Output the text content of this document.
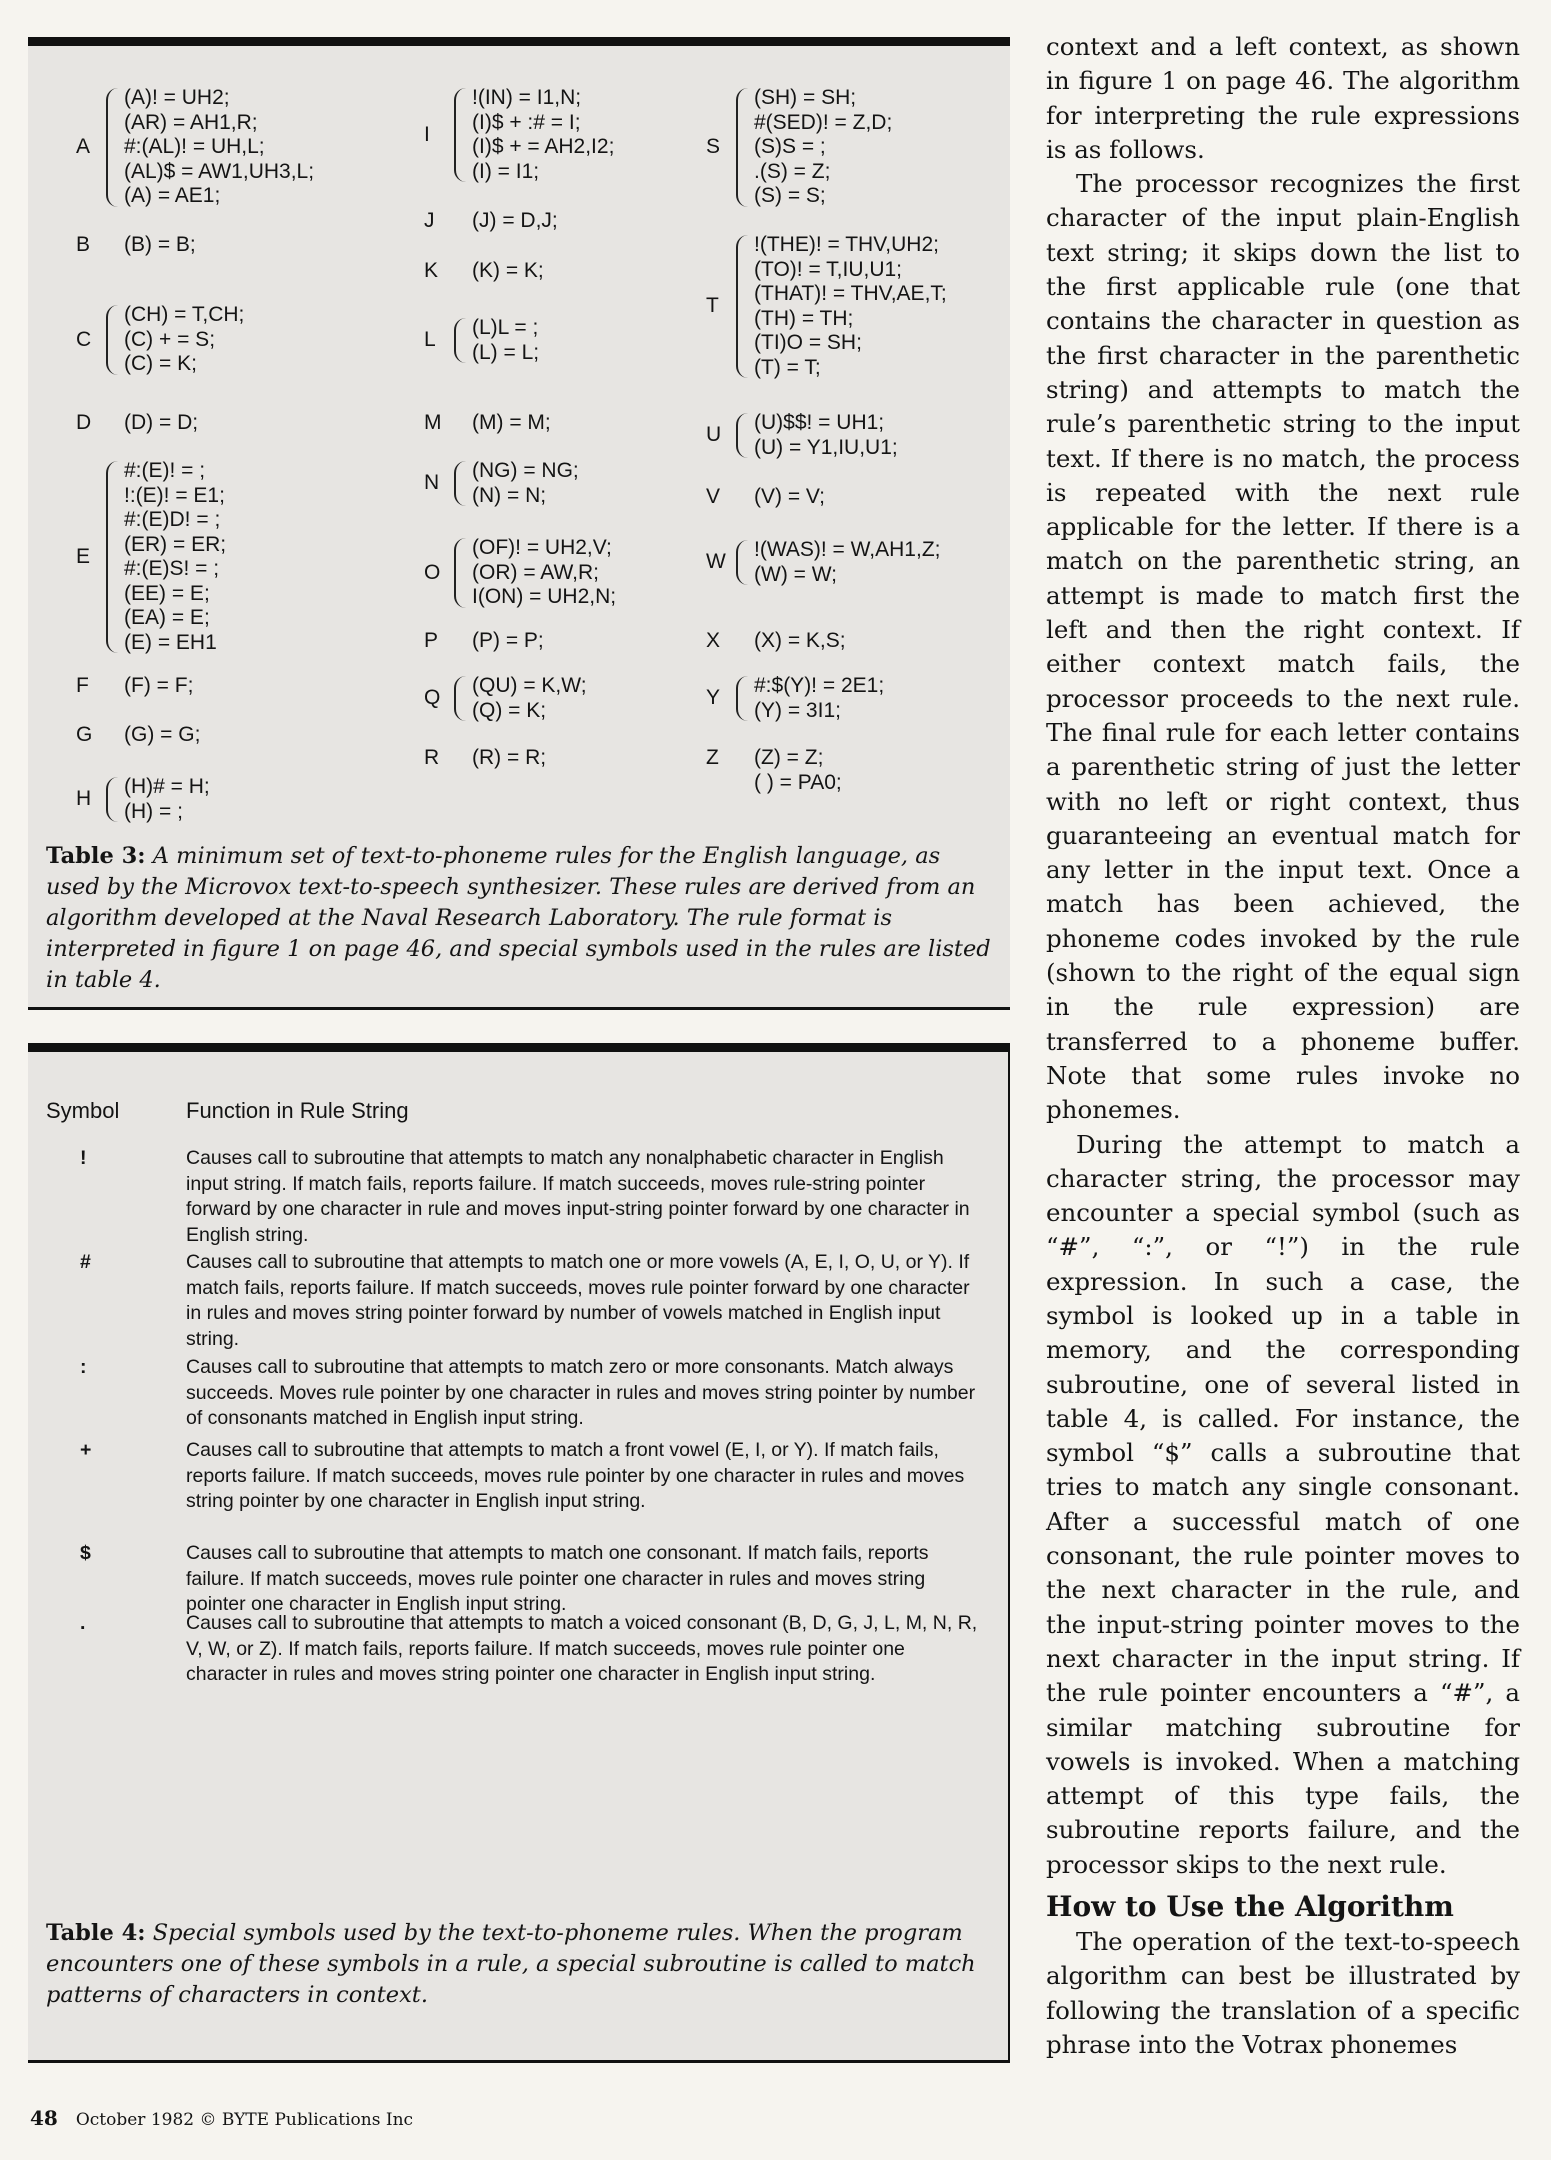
A
(A)! = UH2;
(AR) = AH1,R;
#:(AL)! = UH,L;
(AL)$ = AW1,UH3,L;
(A) = AE1;
B	(B) = B;
C
(CH) = T,CH;
(C) + = S;
(C) = K;
D	(D) = D;
E
#:(E)! = ;
!:(E)! = E1;
#:(E)D! = ;
(ER) = ER;
#:(E)S! = ;
(EE) = E;
(EA) = E;
(E) = EH1
F	(F) = F;
G (G) = G;
H
(H)# = H;
(H) = ;
I
!(IN) = I1,N;
(I)$ + :# = I;
(I)$ + = AH2,I2;
(I) = I1;
J	(J) = D,J;
K	(K) = K;
L
(L)L = ;
(L) = L;
M (M) = M;
N
(NG) = NG;
(N) = N;
O
(OF)! = UH2,V;
(OR) = AW,R;
I(ON) = UH2,N;
P	(P) = P;
Q
(QU) = K,W;
(Q) = K;
R	(R) = R;
S
(SH) = SH;
#(SED)! = Z,D;
(S)S = ;
.(S) = Z;
(S) = S;
T
!(THE)! = THV,UH2;
(TO)! = T,IU,U1;
(THAT)! = THV,AE,T;
(TH) = TH;
(TI)O = SH;
(T) = T;
U
(U)$$! = UH1;
(U) = Y1,IU,U1;
V	(V) = V;
W
!(WAS)! = W,AH1,Z;
(W) = W;
X	(X) = K,S;
Y
#:$(Y)! = 2E1;
(Y) = 3I1;
Z	(Z) = Z;
( ) = PA0;
Table 3: A minimum set of text-to-phoneme rules for the English language, as used by the Microvox text-to-speech synthesizer. These rules are derived from an algorithm developed at the Naval Research Laboratory. The rule format is interpreted in figure 1 on page 46, and special symbols used in the rules are listed in table 4.
Symbol	Function in Rule String
!	Causes call to subroutine that attempts to match any nonalphabetic character in English input string. If match fails, reports failure. If match succeeds, moves rule-string pointer forward by one character in rule and moves input-string pointer forward by one character in English string.
#	Causes call to subroutine that attempts to match one or more vowels (A, E, I, O, U, or Y). If match fails, reports failure. If match succeeds, moves rule pointer forward by one character in rules and moves string pointer forward by number of vowels matched in English input string.
:	Causes call to subroutine that attempts to match zero or more consonants. Match always succeeds. Moves rule pointer by one character in rules and moves string pointer by number of consonants matched in English input string.
+	Causes call to subroutine that attempts to match a front vowel (E, I, or Y). If match fails, reports failure. If match succeeds, moves rule pointer by one character in rules and moves string pointer by one character in English input string.
$	Causes call to subroutine that attempts to match one consonant. If match fails, reports failure. If match succeeds, moves rule pointer one character in rules and moves string pointer one character in English input string.
.	Causes call to subroutine that attempts to match a voiced consonant (B, D, G, J, L, M, N, R, V, W, or Z). If match fails, reports failure. If match succeeds, moves rule pointer one character in rules and moves string pointer one character in English input string.
Table 4: Special symbols used by the text-to-phoneme rules. When the program encounters one of these symbols in a rule, a special subroutine is called to match patterns of characters in context.

context and a left context, as shown in figure 1 on page 46. The algorithm for interpreting the rule expressions is as follows.

The processor recognizes the first character of the input plain-English text string; it skips down the list to the first applicable rule (one that contains the character in question as the first character in the parenthetic string) and attempts to match the rule’s parenthetic string to the input text. If there is no match, the process is repeated with the next rule applicable for the letter. If there is a match on the parenthetic string, an attempt is made to match first the left and then the right context. If either context match fails, the processor proceeds to the next rule. The final rule for each letter contains a parenthetic string of just the letter with no left or right context, thus guaranteeing an eventual match for any letter in the input text. Once a match has been achieved, the phoneme codes invoked by the rule (shown to the right of the equal sign in the rule expression) are transferred to a phoneme buffer. Note that some rules invoke no phonemes.

During the attempt to match a character string, the processor may encounter a special symbol (such as “#”, “:”, or “!”) in the rule expression. In such a case, the symbol is looked up in a table in memory, and the corresponding subroutine, one of several listed in table 4, is called. For instance, the symbol “$” calls a subroutine that tries to match any single consonant. After a successful match of one consonant, the rule pointer moves to the next character in the rule, and the input-string pointer moves to the next character in the input string. If the rule pointer encounters a “#”, a similar matching subroutine for vowels is invoked. When a matching attempt of this type fails, the subroutine reports failure, and the processor skips to the next rule.

How to Use the Algorithm
The operation of the text-to-speech algorithm can best be illustrated by following the translation of a specific phrase into the Votrax phonemes
48 October 1982 © BYTE Publications Inc
